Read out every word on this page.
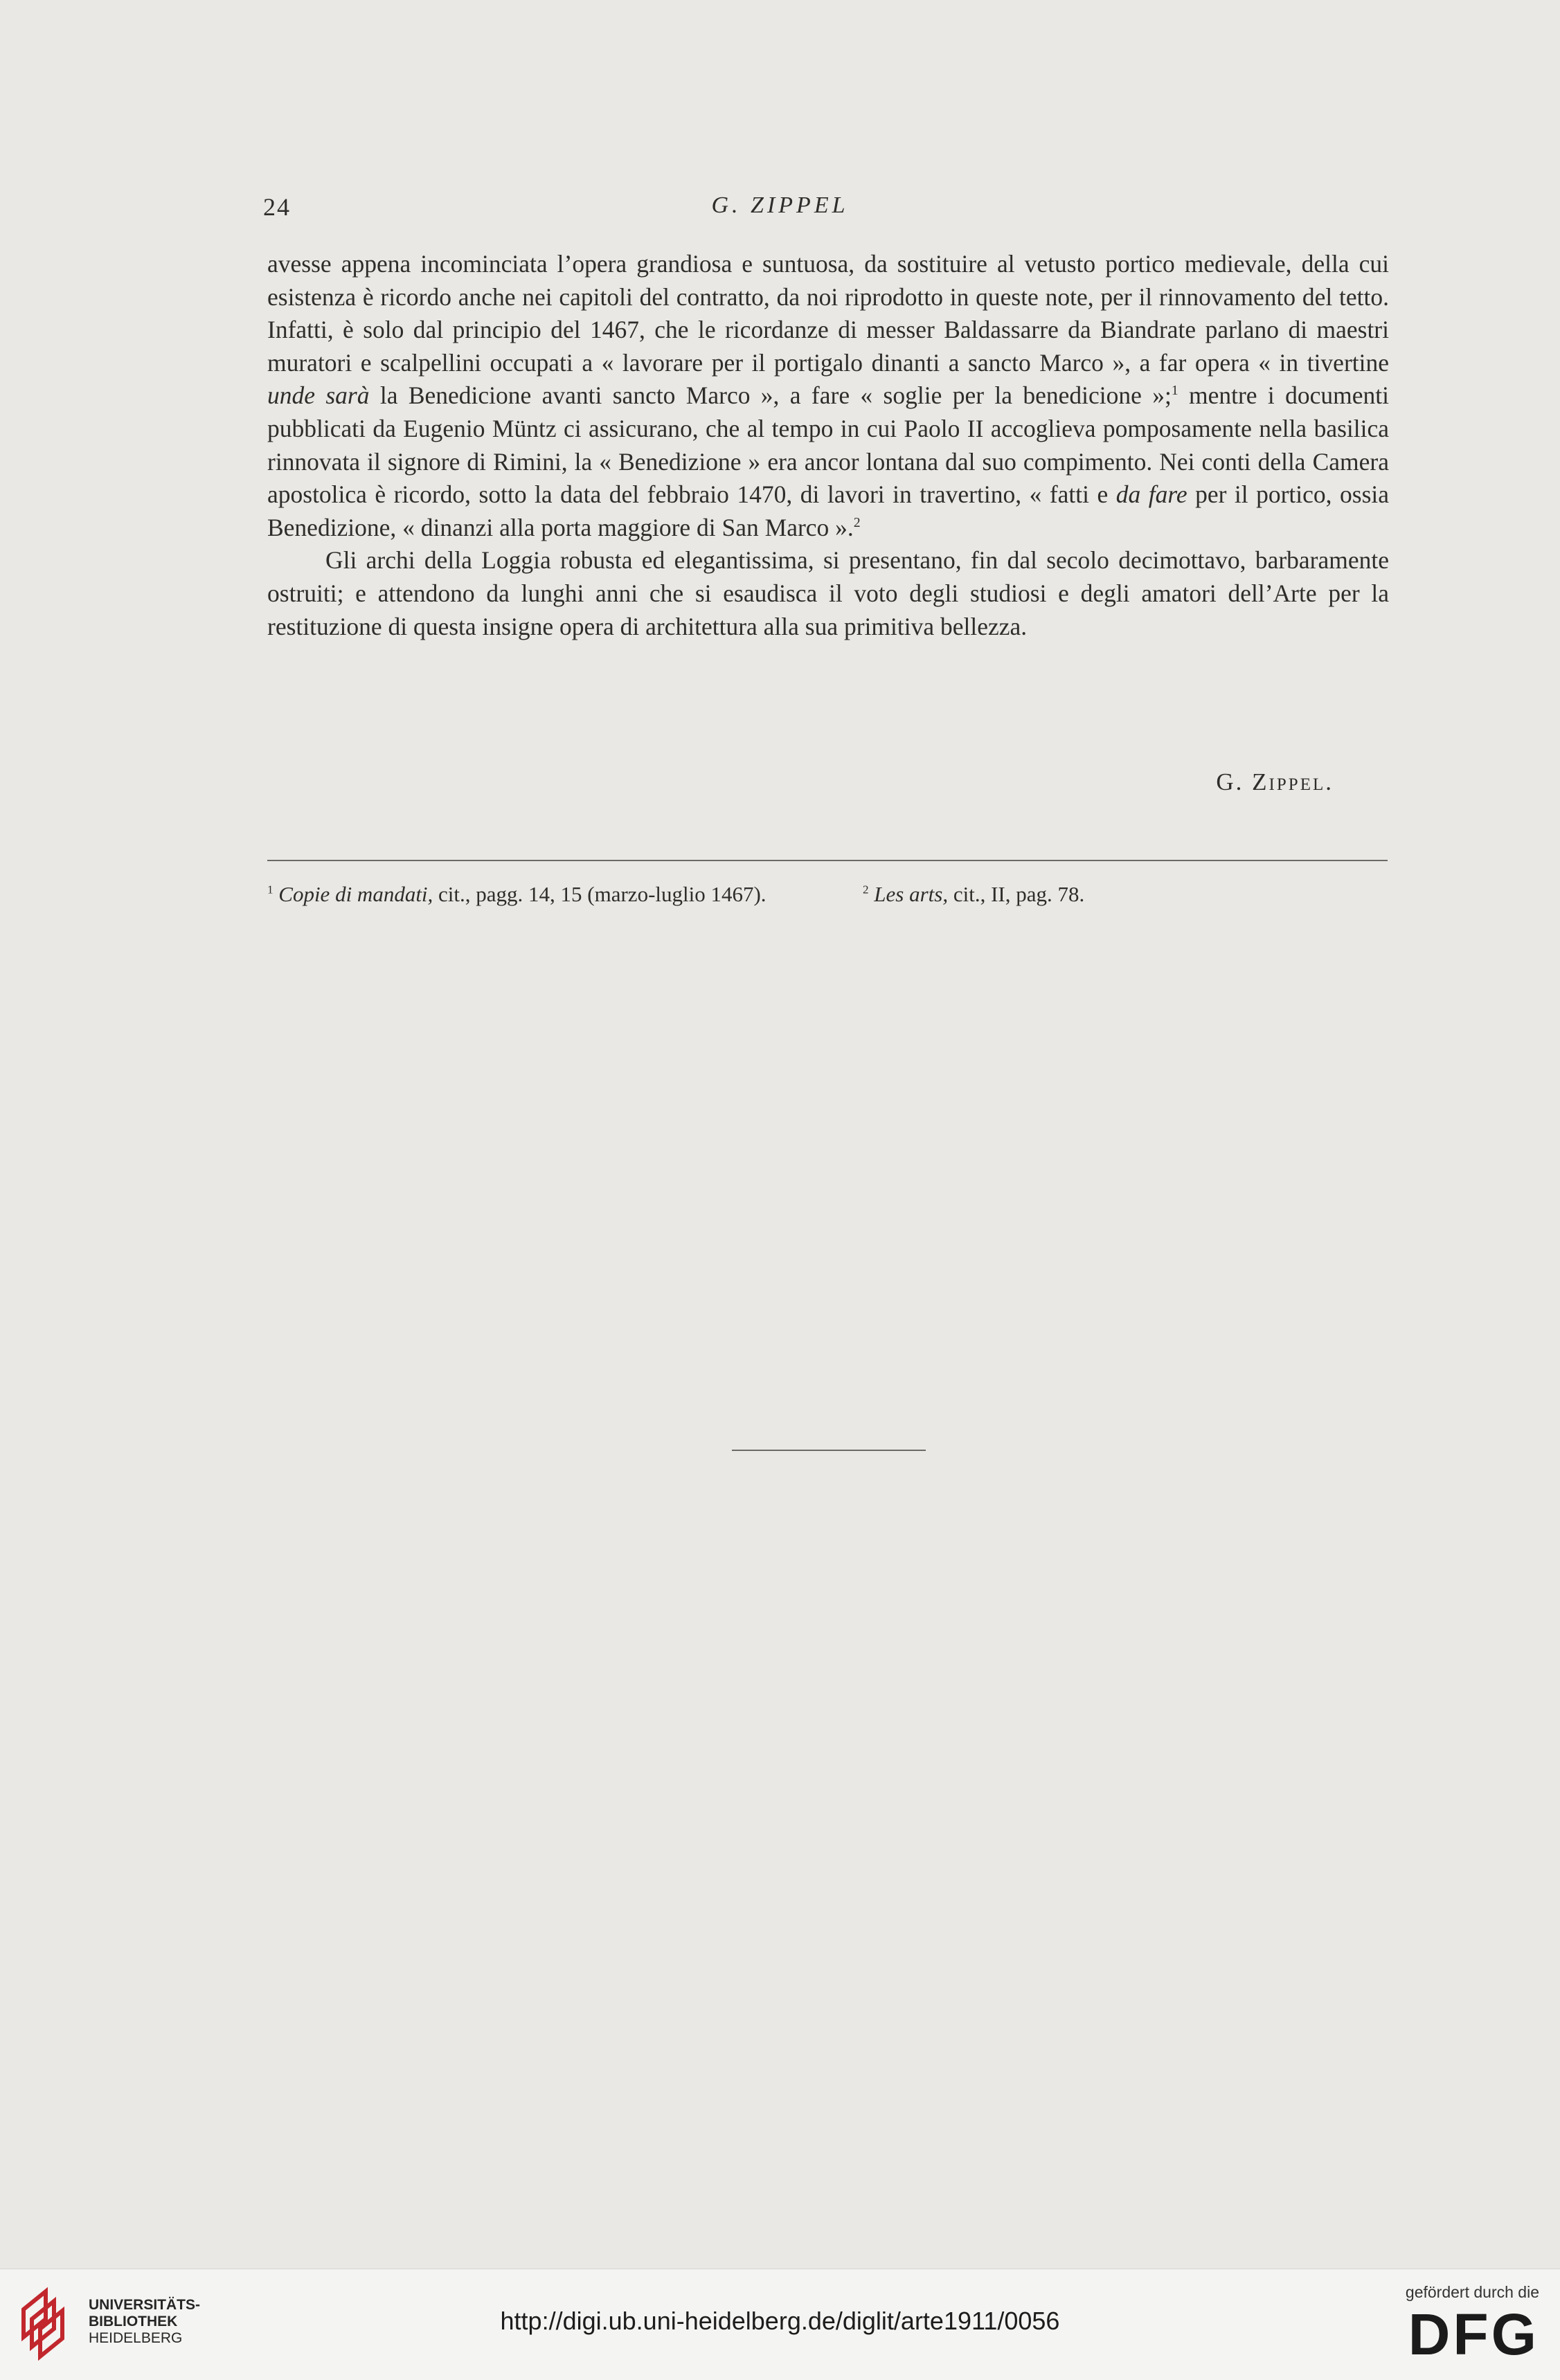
24	G. ZIPPEL

avesse appena incominciata l’opera grandiosa e suntuosa, da sostituire al vetusto portico medievale, della cui esistenza è ricordo anche nei capitoli del contratto, da noi riprodotto in queste note, per il rinnovamento del tetto. Infatti, è solo dal principio del 1467, che le ricordanze di messer Baldassarre da Biandrate parlano di maestri muratori e scalpellini occupati a « lavorare per il portigalo dinanti a sancto Marco », a far opera « in tivertine unde sarà la Benedicione avanti sancto Marco », a fare « soglie per la benedicione »;$^1$ mentre i documenti pubblicati da Eugenio Müntz ci assicurano, che al tempo in cui Paolo II accoglieva pomposamente nella basilica rinnovata il signore di Rimini, la « Benedizione » era ancor lontana dal suo compimento. Nei conti della Camera apostolica è ricordo, sotto la data del febbraio 1470, di lavori in travertino, « fatti e da fare per il portico, ossia Benedizione, « dinanzi alla porta maggiore di San Marco ».$^2$

Gli archi della Loggia robusta ed elegantissima, si presentano, fin dal secolo decimottavo, barbaramente ostruiti; e attendono da lunghi anni che si esaudisca il voto degli studiosi e degli amatori dell’Arte per la restituzione di questa insigne opera di architettura alla sua primitiva bellezza.

G. Zippel.

$^1$ Copie di mandati, cit., pagg. 14, 15 (marzo-luglio 1467).	$^2$ Les arts, cit., II, pag. 78.

UNIVERSITÄTS-
BIBLIOTHEK
HEIDELBERG
http://digi.ub.uni-heidelberg.de/diglit/arte1911/0056
gefördert durch die
DFG
